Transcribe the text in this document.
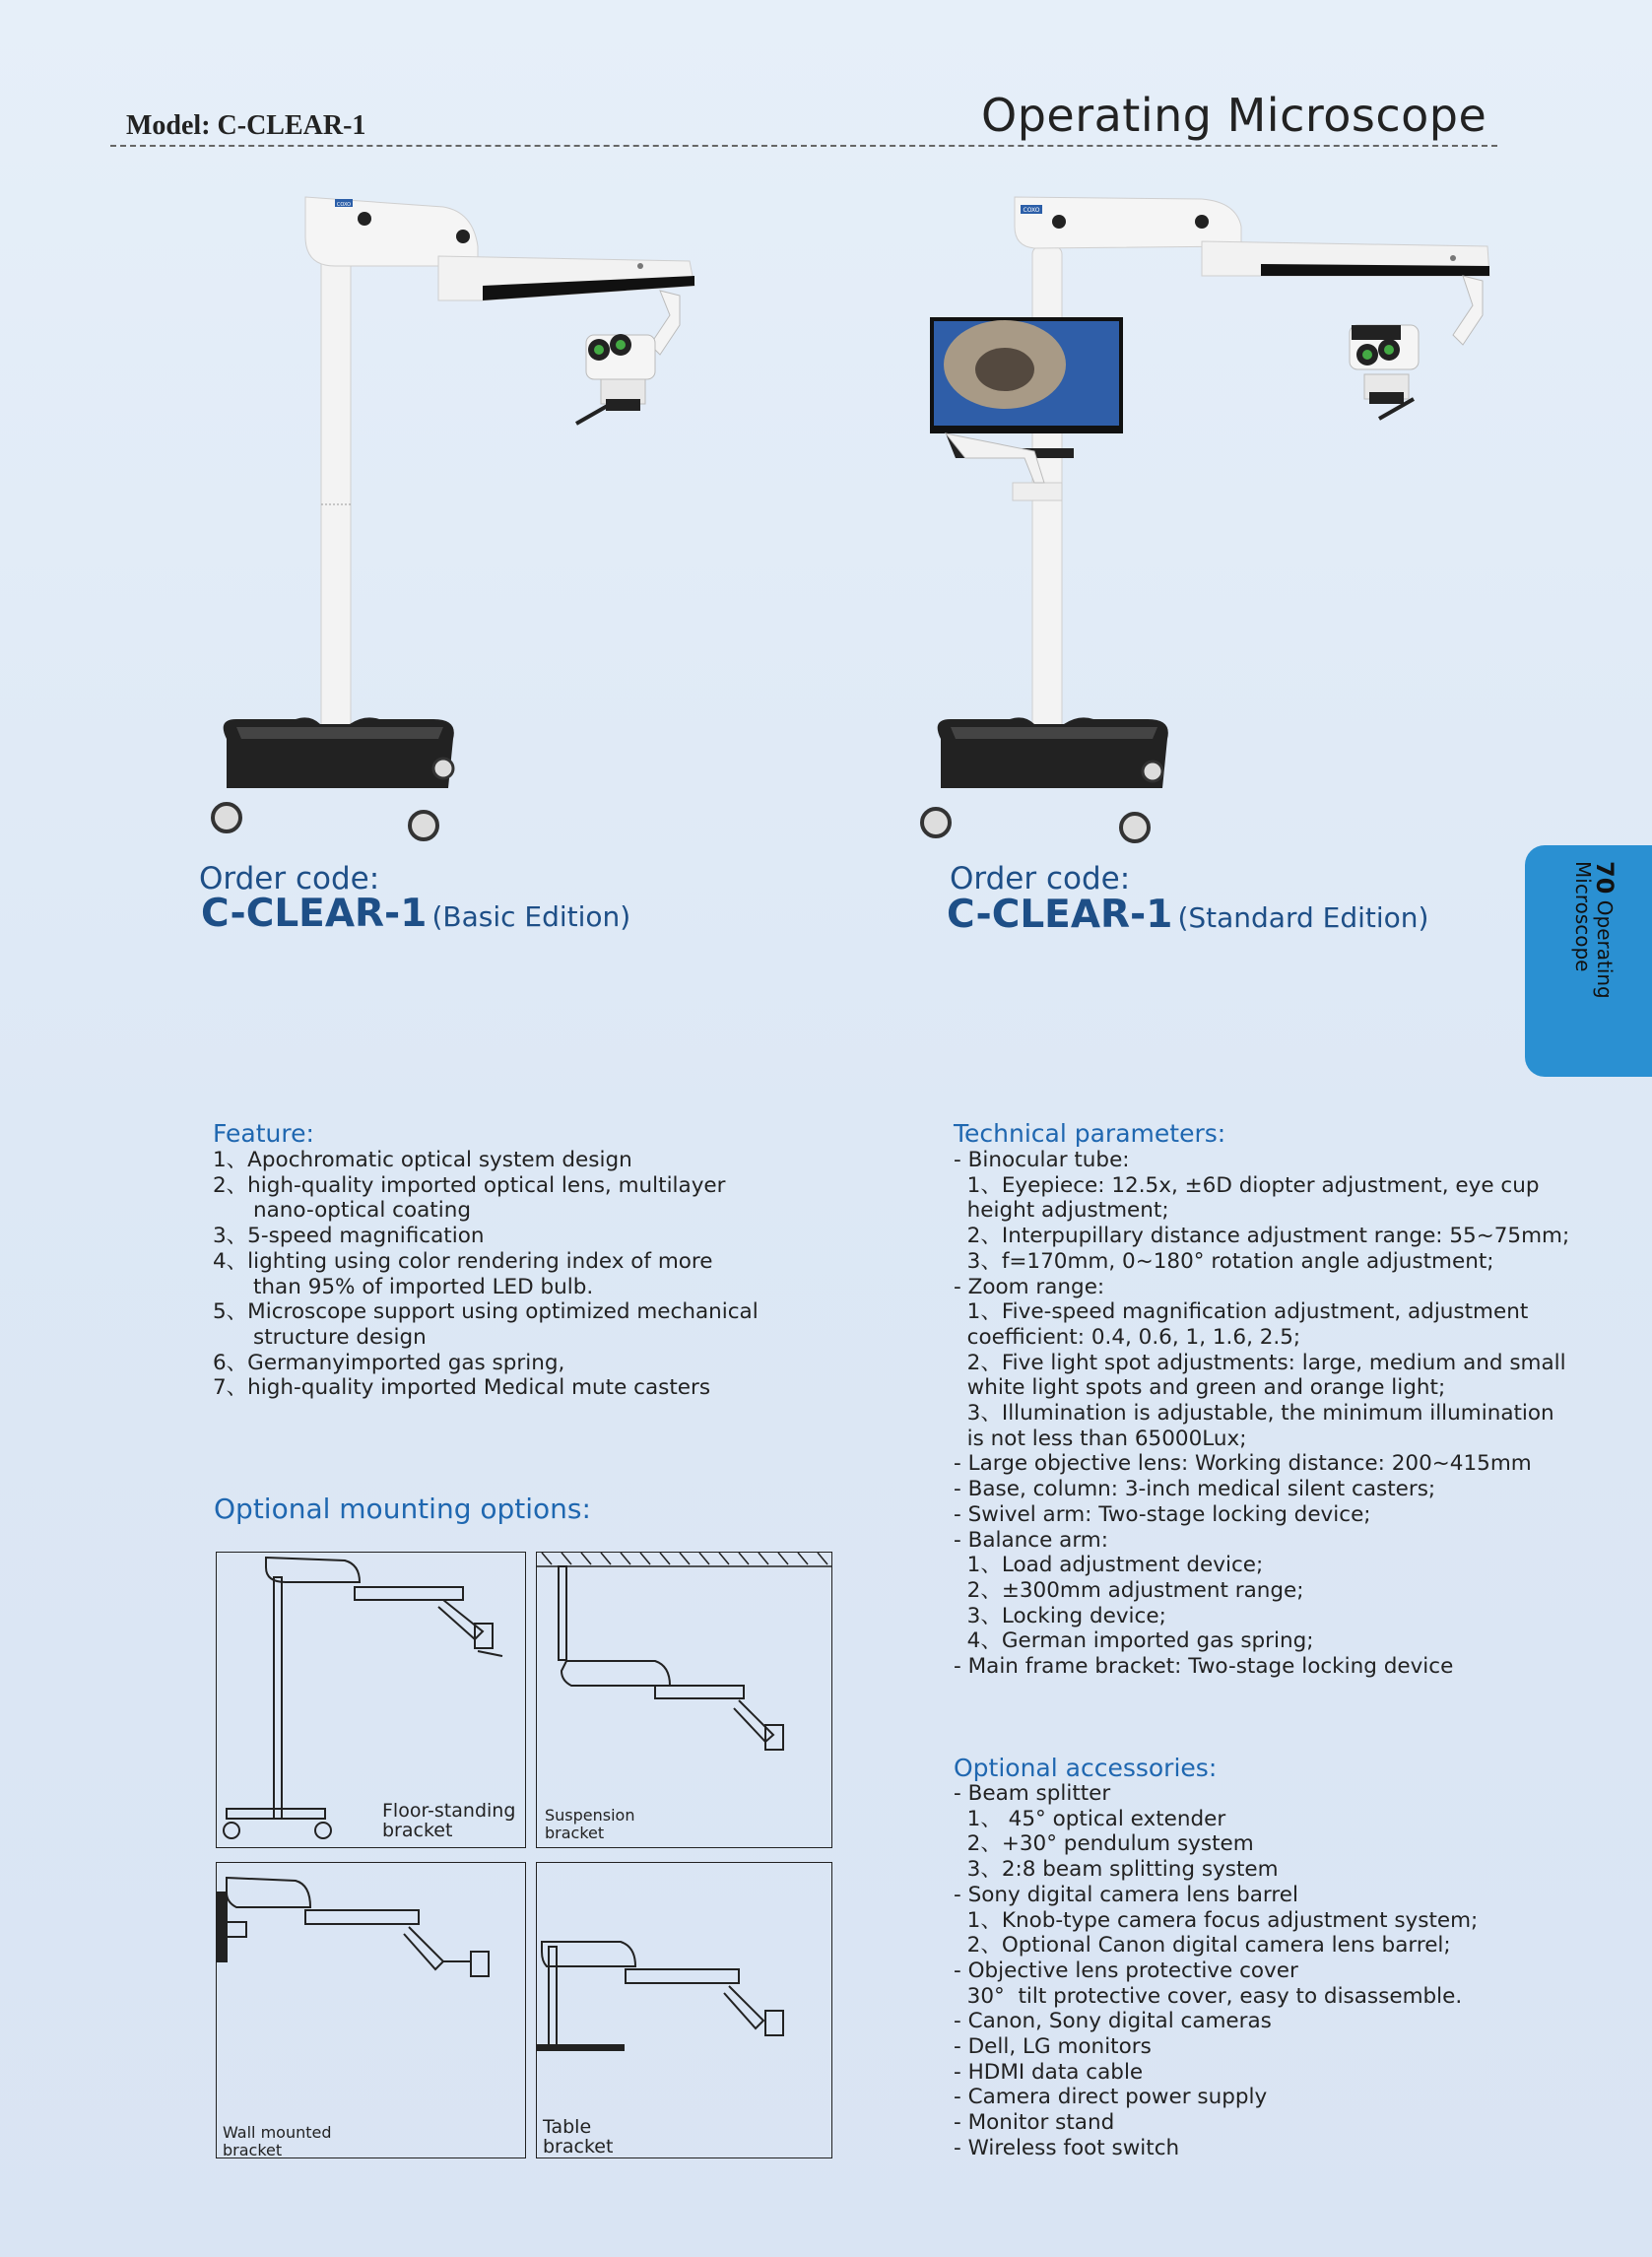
Model: C-CLEAR-1	Operating Microscope
COXO
COXO
Order code:
C-CLEAR-1 (Basic Edition)
Order code:
C-CLEAR-1 (Standard Edition)
70 Operating Microscope
Feature:
1、Apochromatic optical system design
2、high-quality imported optical lens, multilayer
nano-optical coating
3、5-speed magnification
4、lighting using color rendering index of more
than 95% of imported LED bulb.
5、Microscope support using optimized mechanical
structure design
6、Germanyimported gas spring,
7、high-quality imported Medical mute casters
Optional mounting options:
Floor-standing
bracket
Suspension
bracket
Wall mounted
bracket
Table
bracket
Technical parameters:
- Binocular tube:
1、Eyepiece: 12.5x, ±6D diopter adjustment, eye cup
height adjustment;
2、Interpupillary distance adjustment range: 55~75mm;
3、f=170mm, 0~180° rotation angle adjustment;
- Zoom range:
1、Five-speed magnification adjustment, adjustment
coefficient: 0.4, 0.6, 1, 1.6, 2.5;
2、Five light spot adjustments: large, medium and small
white light spots and green and orange light;
3、Illumination is adjustable, the minimum illumination
is not less than 65000Lux;
- Large objective lens: Working distance: 200~415mm
- Base, column: 3-inch medical silent casters;
- Swivel arm: Two-stage locking device;
- Balance arm:
1、Load adjustment device;
2、±300mm adjustment range;
3、Locking device;
4、German imported gas spring;
- Main frame bracket: Two-stage locking device
Optional accessories:
- Beam splitter
1、 45° optical extender
2、+30° pendulum system
3、2:8 beam splitting system
- Sony digital camera lens barrel
1、Knob-type camera focus adjustment system;
2、Optional Canon digital camera lens barrel;
- Objective lens protective cover
30°  tilt protective cover, easy to disassemble.
- Canon, Sony digital cameras
- Dell, LG monitors
- HDMI data cable
- Camera direct power supply
- Monitor stand
- Wireless foot switch
